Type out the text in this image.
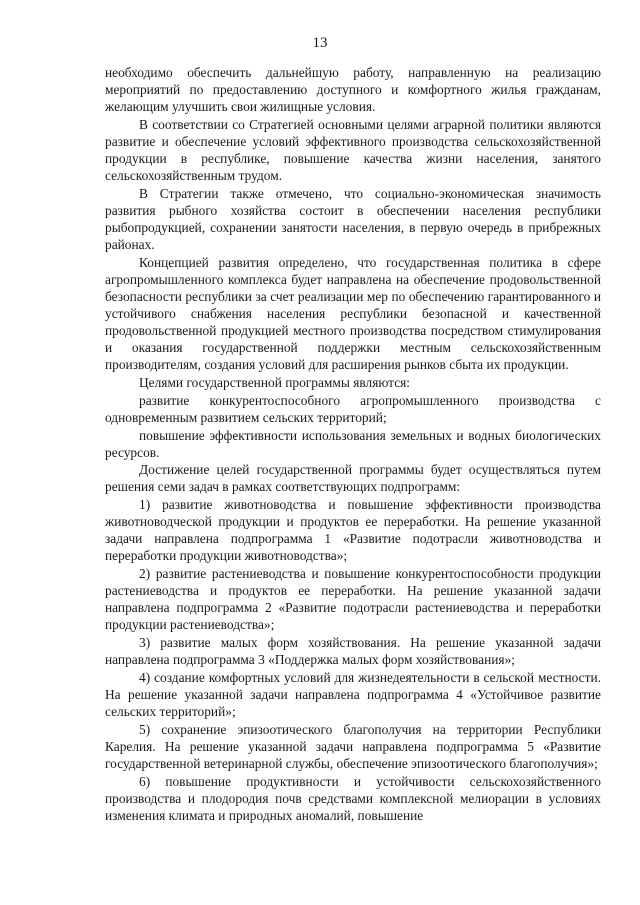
13

необходимо обеспечить дальнейшую работу, направленную на реализацию мероприятий по предоставлению доступного и комфортного жилья гражданам, желающим улучшить свои жилищные условия.

В соответствии со Стратегией основными целями аграрной политики являются развитие и обеспечение условий эффективного производства сельскохозяйственной продукции в республике, повышение качества жизни населения, занятого сельскохозяйственным трудом.

В Стратегии также отмечено, что социально-экономическая значимость развития рыбного хозяйства состоит в обеспечении населения республики рыбопродукцией, сохранении занятости населения, в первую очередь в прибрежных районах.

Концепцией развития определено, что государственная политика в сфере агропромышленного комплекса будет направлена на обеспечение продовольственной безопасности республики за счет реализации мер по обеспечению гарантированного и устойчивого снабжения населения республики безопасной и качественной продовольственной продукцией местного производства посредством стимулирования и оказания государственной поддержки местным сельскохозяйственным производителям, создания условий для расширения рынков сбыта их продукции.

Целями государственной программы являются:

развитие конкурентоспособного агропромышленного производства с одновременным развитием сельских территорий;

повышение эффективности использования земельных и водных биологических ресурсов.

Достижение целей государственной программы будет осуществляться путем решения семи задач в рамках соответствующих подпрограмм:

1) развитие животноводства и повышение эффективности производства животноводческой продукции и продуктов ее переработки. На решение указанной задачи направлена подпрограмма 1 «Развитие подотрасли животноводства и переработки продукции животноводства»;

2) развитие растениеводства и повышение конкурентоспособности продукции растениеводства и продуктов ее переработки. На решение указанной задачи направлена подпрограмма 2 «Развитие подотрасли растениеводства и переработки продукции растениеводства»;

3) развитие малых форм хозяйствования. На решение указанной задачи направлена подпрограмма 3 «Поддержка малых форм хозяйствования»;

4) создание комфортных условий для жизнедеятельности в сельской местности. На решение указанной задачи направлена подпрограмма 4 «Устойчивое развитие сельских территорий»;

5) сохранение эпизоотического благополучия на территории Республики Карелия. На решение указанной задачи направлена подпрограмма 5 «Развитие государственной ветеринарной службы, обеспечение эпизоотического благополучия»;

6) повышение продуктивности и устойчивости сельскохозяйственного производства и плодородия почв средствами комплексной мелиорации в условиях изменения климата и природных аномалий, повышение
